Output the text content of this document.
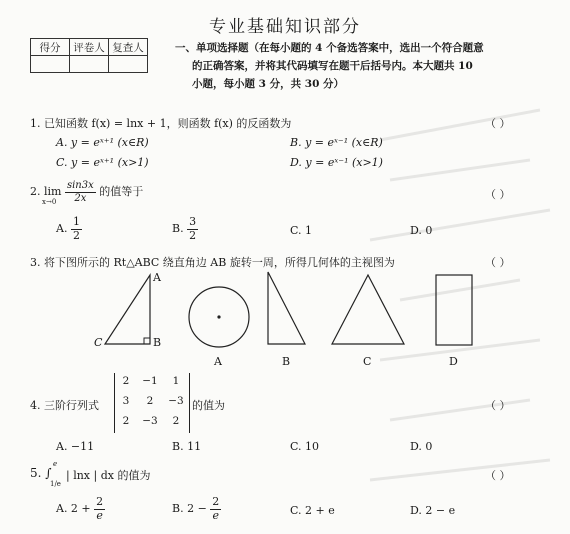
专业基础知识部分
得分	评卷人	复查人
			一、单项选择题（在每小题的 4 个备选答案中，选出一个符合题意
的正确答案，并将其代码填写在题干后括号内。本大题共 10
小题，每小题 3 分，共 30 分）
1. 已知函数 f(x) = lnx + 1，则函数 f(x) 的反函数为	（ ）
A. y = eˣ⁺¹ (x∈R)	B. y = eˣ⁻¹ (x∈R)
C. y = eˣ⁺¹ (x>1)	D. y = eˣ⁻¹ (x>1)
2. $\lim \frac{\sin 3x}{2x}$ 的值等于
x→0
（ ）
A. $\frac{1}{2}$	B. $\frac{3}{2}$	C. 1	D. 0
3. 将下图所示的 Rt△ABC 绕直角边 AB 旋转一周，所得几何体的主视图为	（ ）
A
B
C
A	B	C	D
4. 三阶行列式
2	−1	1
3	2	−3
2	−3	2
的值为	（ ）
A. −11	B. 11	C. 10	D. 0
5. ∫
e
1/e
| lnx | dx 的值为	（ ）
A. $2 + \frac{2}{e}$	B. $2 - \frac{2}{e}$	C. 2 + e	D. 2 − e
